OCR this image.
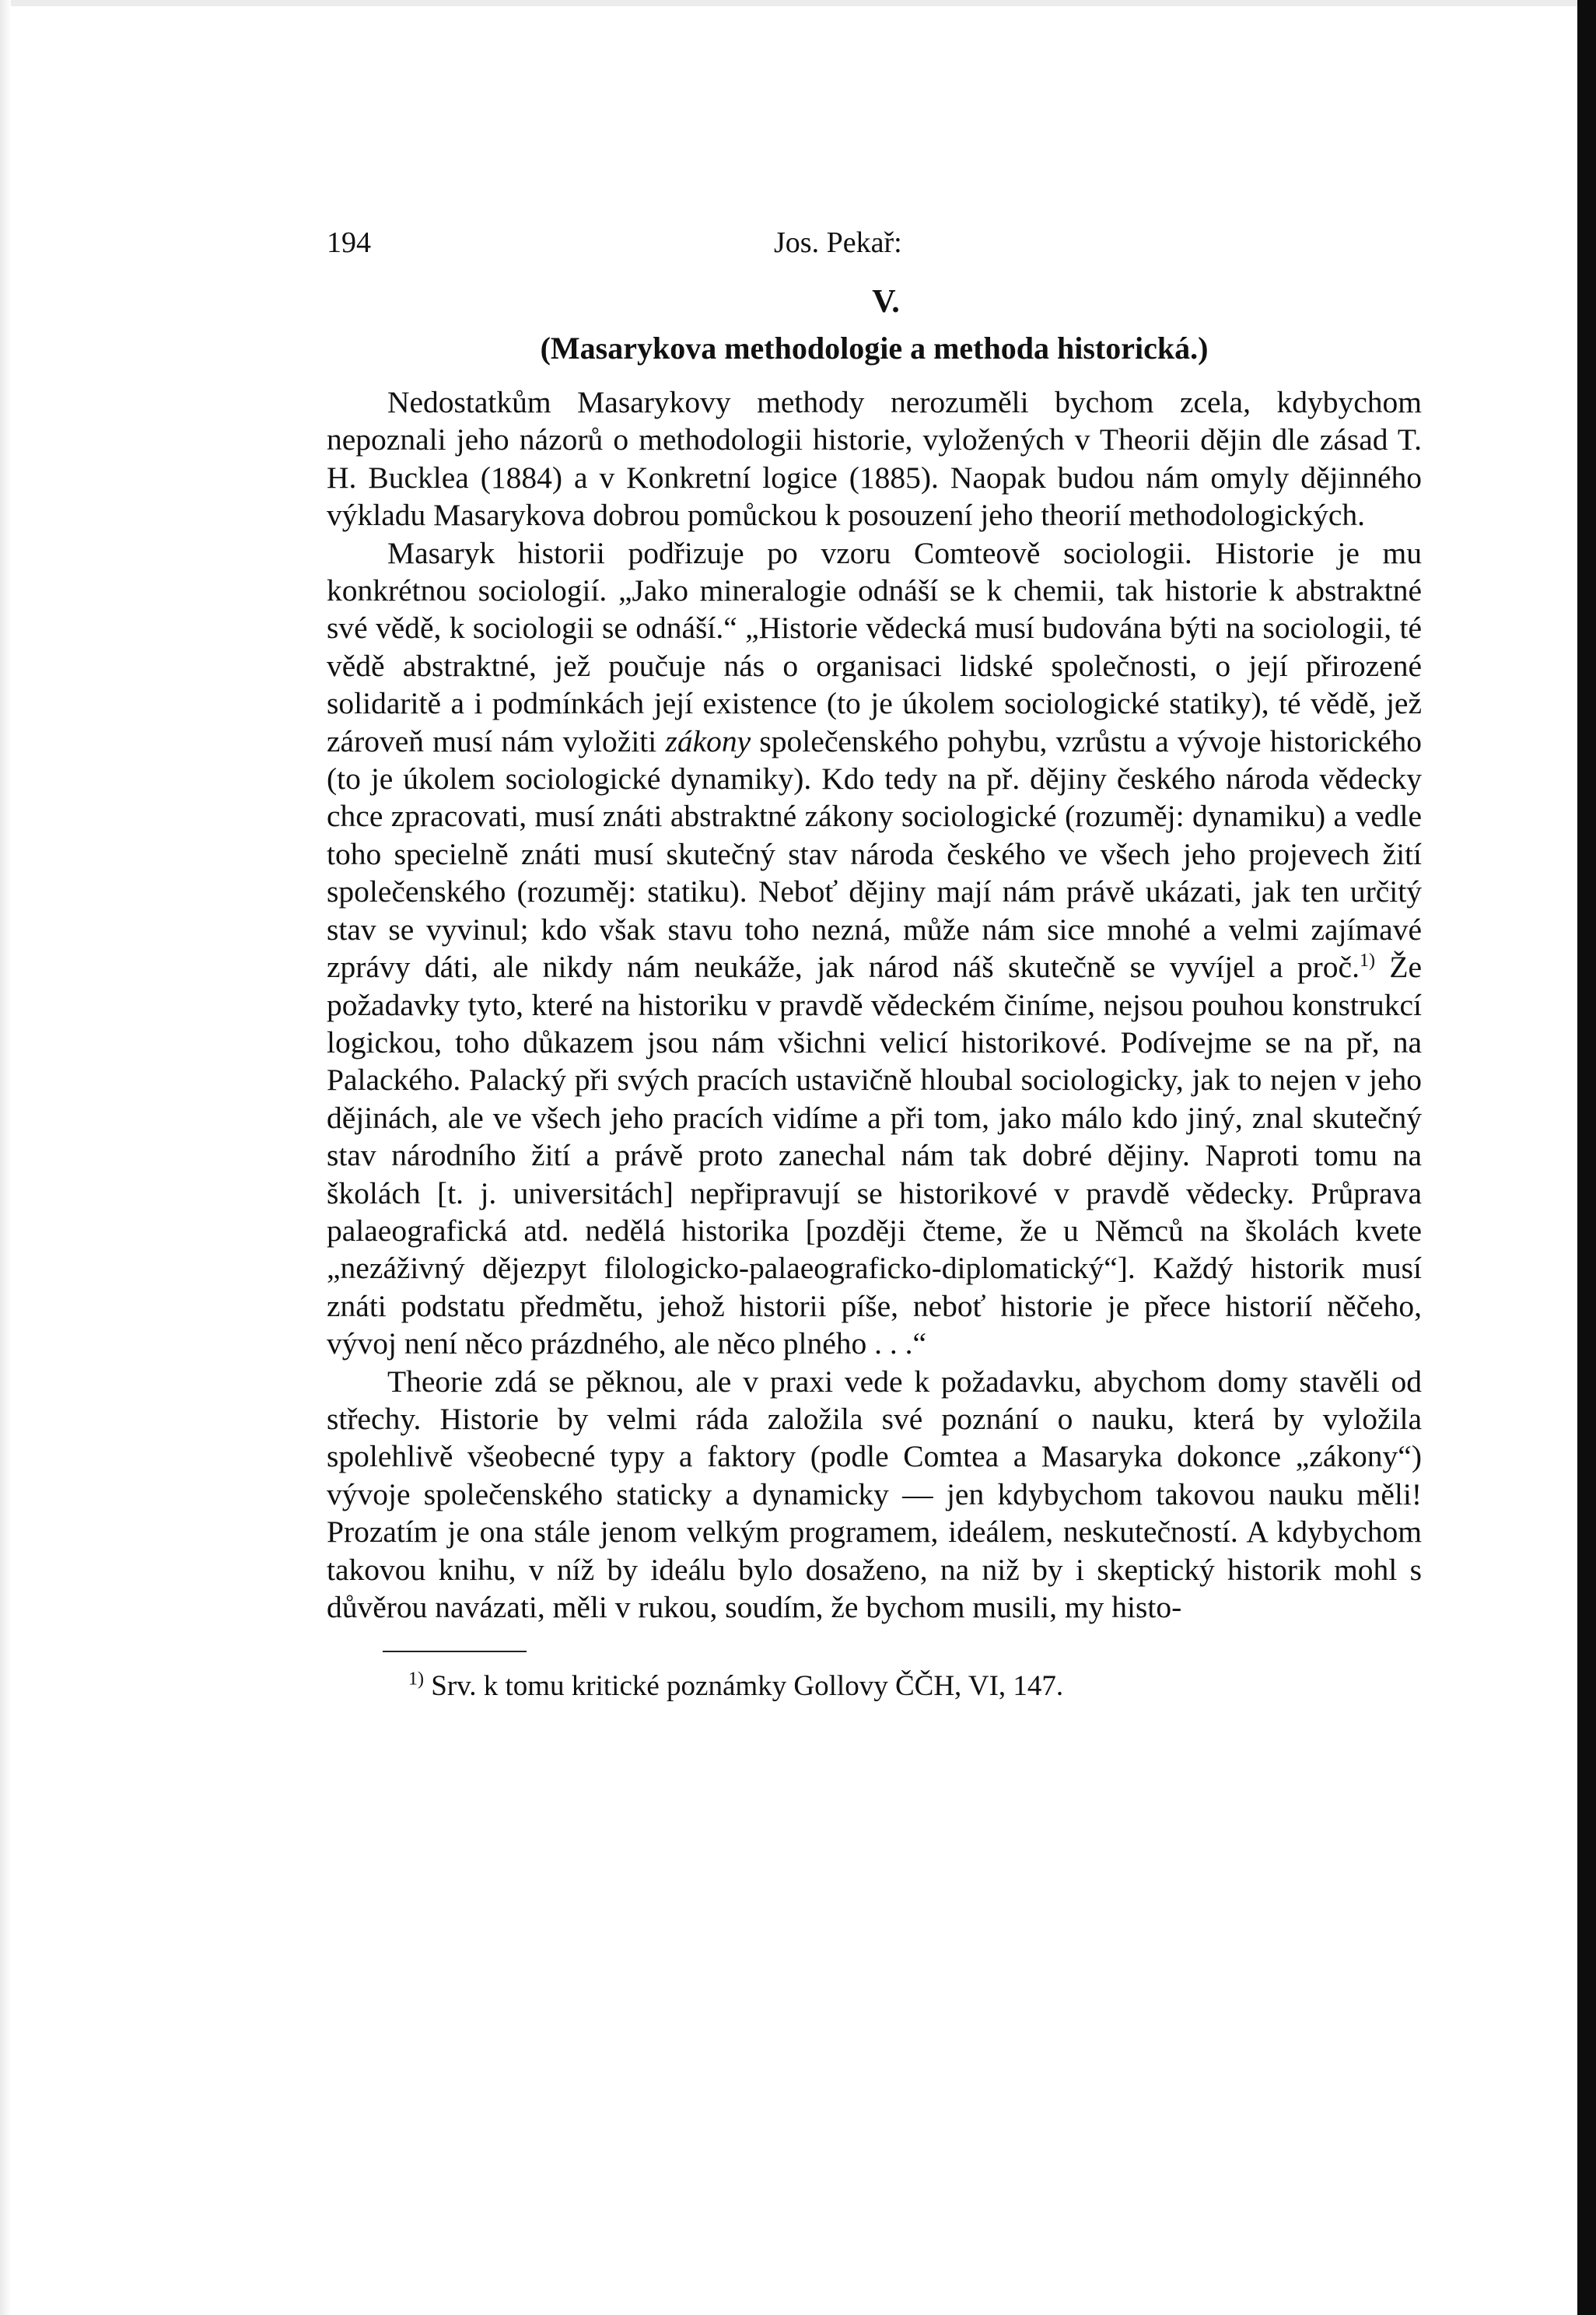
194	Jos. Pekař:
V.
(Masarykova methodologie a methoda historická.)

Nedostatkům Masarykovy methody nerozuměli bychom zcela, kdybychom nepoznali jeho názorů o methodologii historie, vyložených v Theorii dějin dle zásad T. H. Bucklea (1884) a v Konkretní logice (1885). Naopak budou nám omyly dějinného výkladu Masarykova dobrou pomůckou k posouzení jeho theorií methodologických.

Masaryk historii podřizuje po vzoru Comteově sociologii. Historie je mu konkrétnou sociologií. „Jako mineralogie odnáší se k chemii, tak historie k abstraktné své vědě, k sociologii se odnáší.“ „Historie vědecká musí budována býti na sociologii, té vědě abstraktné, jež poučuje nás o organisaci lidské společnosti, o její přirozené solidaritě a i podmínkách její existence (to je úkolem sociologické statiky), té vědě, jež zároveň musí nám vyložiti zákony společenského pohybu, vzrůstu a vývoje historického (to je úkolem sociologické dynamiky). Kdo tedy na př. dějiny českého národa vědecky chce zpracovati, musí znáti abstraktné zákony sociologické (rozuměj: dynamiku) a vedle toho specielně znáti musí skutečný stav národa českého ve všech jeho projevech žití společenského (rozuměj: statiku). Neboť dějiny mají nám právě ukázati, jak ten určitý stav se vyvinul; kdo však stavu toho nezná, může nám sice mnohé a velmi zajímavé zprávy dáti, ale nikdy nám neukáže, jak národ náš skutečně se vyvíjel a proč.$^{1)}$ Že požadavky tyto, které na historiku v pravdě vědeckém činíme, nejsou pouhou konstrukcí logickou, toho důkazem jsou nám všichni velicí historikové. Podívejme se na př, na Palackého. Palacký při svých pracích ustavičně hloubal sociologicky, jak to nejen v jeho dějinách, ale ve všech jeho pracích vidíme a při tom, jako málo kdo jiný, znal skutečný stav národního žití a právě proto zanechal nám tak dobré dějiny. Naproti tomu na školách [t. j. universitách] nepřipravují se historikové v pravdě vědecky. Průprava palaeografická atd. nedělá historika [později čteme, že u Němců na školách kvete „nezáživný dějezpyt filologicko-palaeograficko-diplomatický“]. Každý historik musí znáti podstatu předmětu, jehož historii píše, neboť historie je přece historií něčeho, vývoj není něco prázdného, ale něco plného . . .“

Theorie zdá se pěknou, ale v praxi vede k požadavku, abychom domy stavěli od střechy. Historie by velmi ráda založila své poznání o nauku, která by vyložila spolehlivě všeobecné typy a faktory (podle Comtea a Masaryka dokonce „zákony“) vývoje společenského staticky a dynamicky — jen kdybychom takovou nauku měli! Prozatím je ona stále jenom velkým programem, ideálem, neskutečností. A kdybychom takovou knihu, v níž by ideálu bylo dosaženo, na niž by i skeptický historik mohl s důvěrou navázati, měli v rukou, soudím, že bychom musili, my histo-

$^{1)}$ Srv. k tomu kritické poznámky Gollovy ČČH, VI, 147.
